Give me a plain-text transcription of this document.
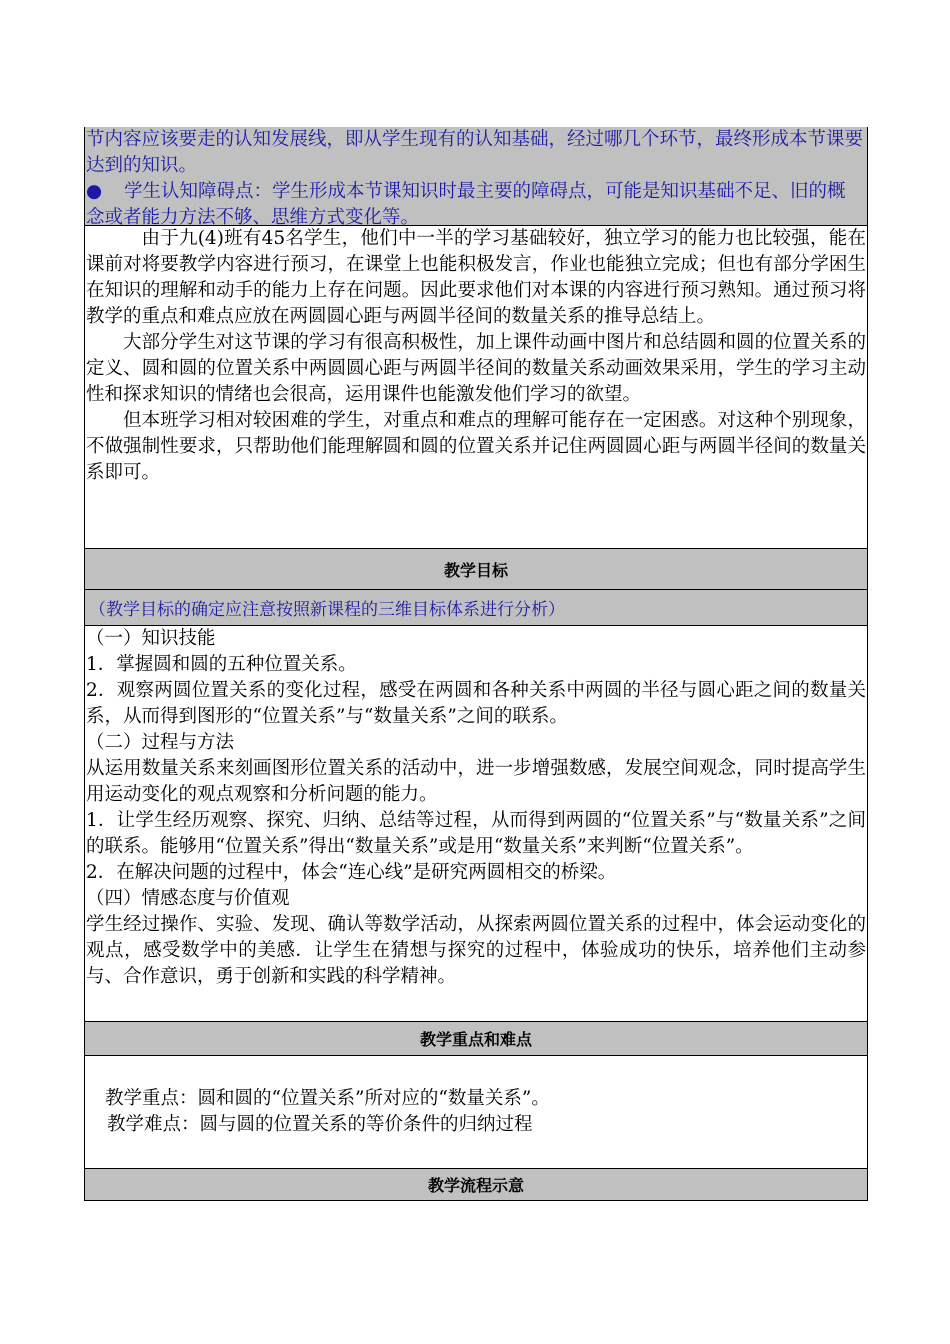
节内容应该要走的认知发展线，即从学生现有的认知基础，经过哪几个环节，最终形成本节课要
达到的知识。
● 学生认知障碍点：学生形成本节课知识时最主要的障碍点，可能是知识基础不足、旧的概
念或者能力方法不够、思维方式变化等。
由于九(4)班有45名学生，他们中一半的学习基础较好，独立学习的能力也比较强，能在课前对将要教学内容进行预习，在课堂上也能积极发言，作业也能独立完成；但也有部分学困生在知识的理解和动手的能力上存在问题。因此要求他们对本课的内容进行预习熟知。通过预习将教学的重点和难点应放在两圆圆心距与两圆半径间的数量关系的推导总结上。
大部分学生对这节课的学习有很高积极性，加上课件动画中图片和总结圆和圆的位置关系的定义、圆和圆的位置关系中两圆圆心距与两圆半径间的数量关系动画效果采用，学生的学习主动性和探求知识的情绪也会很高，运用课件也能激发他们学习的欲望。
但本班学习相对较困难的学生，对重点和难点的理解可能存在一定困惑。对这种个别现象，不做强制性要求，只帮助他们能理解圆和圆的位置关系并记住两圆圆心距与两圆半径间的数量关系即可。
教学目标
（教学目标的确定应注意按照新课程的三维目标体系进行分析）
（一）知识技能
1．掌握圆和圆的五种位置关系。
2．观察两圆位置关系的变化过程，感受在两圆和各种关系中两圆的半径与圆心距之间的数量关系，从而得到图形的“位置关系”与“数量关系”之间的联系。
（二）过程与方法
从运用数量关系来刻画图形位置关系的活动中，进一步增强数感，发展空间观念，同时提高学生用运动变化的观点观察和分析问题的能力。
1．让学生经历观察、探究、归纳、总结等过程，从而得到两圆的“位置关系”与“数量关系”之间的联系。能够用“位置关系”得出“数量关系”或是用“数量关系”来判断“位置关系”。
2．在解决问题的过程中，体会“连心线”是研究两圆相交的桥梁。
（四）情感态度与价值观
学生经过操作、实验、发现、确认等数学活动，从探索两圆位置关系的过程中，体会运动变化的观点，感受数学中的美感．让学生在猜想与探究的过程中，体验成功的快乐，培养他们主动参与、合作意识，勇于创新和实践的科学精神。
教学重点和难点
教学重点：圆和圆的“位置关系”所对应的“数量关系”。
教学难点：圆与圆的位置关系的等价条件的归纳过程
教学流程示意
